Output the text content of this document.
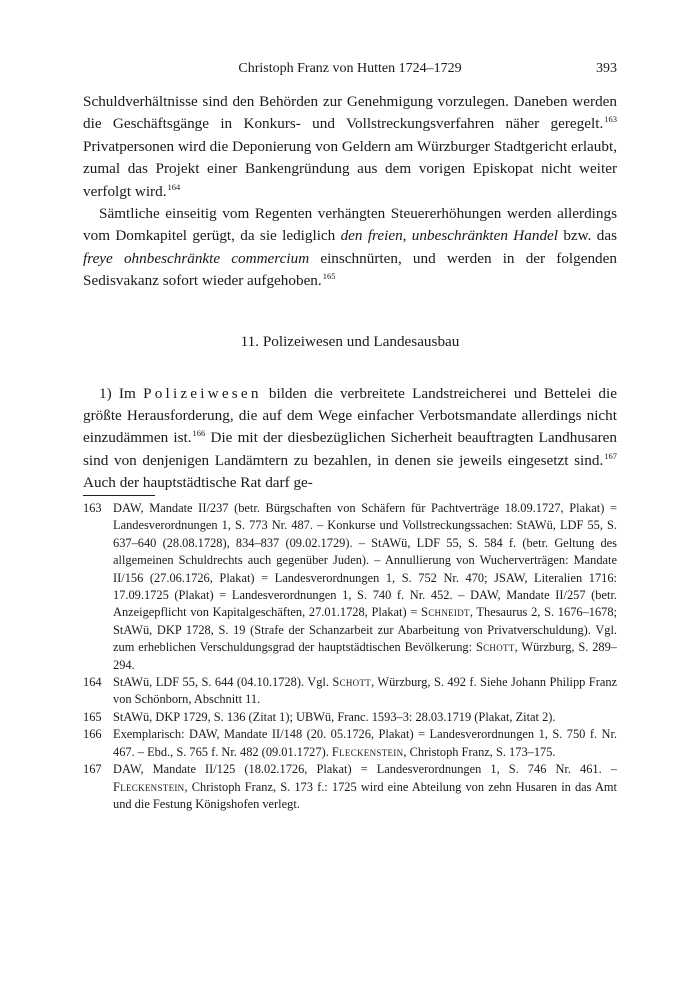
Christoph Franz von Hutten 1724–1729	393

Schuldverhältnisse sind den Behörden zur Genehmigung vorzulegen. Daneben werden die Geschäftsgänge in Konkurs- und Vollstreckungsverfahren näher geregelt.$^{163}$ Privatpersonen wird die Deponierung von Geldern am Würzburger Stadtgericht erlaubt, zumal das Projekt einer Bankengründung aus dem vorigen Episkopat nicht weiter verfolgt wird.$^{164}$

Sämtliche einseitig vom Regenten verhängten Steuererhöhungen werden allerdings vom Domkapitel gerügt, da sie lediglich den freien, unbeschränkten Handel bzw. das freye ohnbeschränkte commercium einschnürten, und werden in der folgenden Sedisvakanz sofort wieder aufgehoben.$^{165}$

11. Polizeiwesen und Landesausbau

1) Im Polizeiwesen bilden die verbreitete Landstreicherei und Bettelei die größte Herausforderung, die auf dem Wege einfacher Verbotsmandate allerdings nicht einzudämmen ist.$^{166}$ Die mit der diesbezüglichen Sicherheit beauftragten Landhusaren sind von denjenigen Landämtern zu bezahlen, in denen sie jeweils eingesetzt sind.$^{167}$ Auch der hauptstädtische Rat darf ge-

163 DAW, Mandate II/237 (betr. Bürgschaften von Schäfern für Pachtverträge 18.09.1727, Plakat) = Landesverordnungen 1, S. 773 Nr. 487. – Konkurse und Vollstreckungssachen: StAWü, LDF 55, S. 637–640 (28.08.1728), 834–837 (09.02.1729). – StAWü, LDF 55, S. 584 f. (betr. Geltung des allgemeinen Schuldrechts auch gegenüber Juden). – Annullierung von Wucherverträgen: Mandate II/156 (27.06.1726, Plakat) = Landesverordnungen 1, S. 752 Nr. 470; JSAW, Literalien 1716: 17.09.1725 (Plakat) = Landesverordnungen 1, S. 740 f. Nr. 452. – DAW, Mandate II/257 (betr. Anzeigepflicht von Kapitalgeschäften, 27.01.1728, Plakat) = Schneidt, Thesaurus 2, S. 1676–1678; StAWü, DKP 1728, S. 19 (Strafe der Schanzarbeit zur Abarbeitung von Privatverschuldung). Vgl. zum erheblichen Verschuldungsgrad der hauptstädtischen Bevölkerung: Schott, Würzburg, S. 289–294.
164 StAWü, LDF 55, S. 644 (04.10.1728). Vgl. Schott, Würzburg, S. 492 f. Siehe Johann Philipp Franz von Schönborn, Abschnitt 11.
165 StAWü, DKP 1729, S. 136 (Zitat 1); UBWü, Franc. 1593–3: 28.03.1719 (Plakat, Zitat 2).
166 Exemplarisch: DAW, Mandate II/148 (20. 05.1726, Plakat) = Landesverordnungen 1, S. 750 f. Nr. 467. – Ebd., S. 765 f. Nr. 482 (09.01.1727). Fleckenstein, Christoph Franz, S. 173–175.
167 DAW, Mandate II/125 (18.02.1726, Plakat) = Landesverordnungen 1, S. 746 Nr. 461. – Fleckenstein, Christoph Franz, S. 173 f.: 1725 wird eine Abteilung von zehn Husaren in das Amt und die Festung Königshofen verlegt.
